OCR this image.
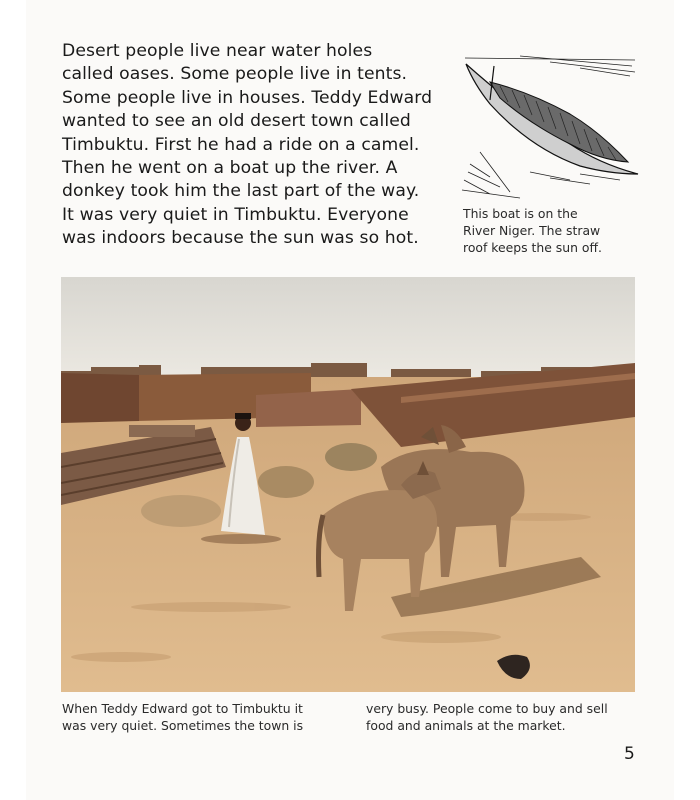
Desert people live near water holes
called oases. Some people live in tents.
Some people live in houses. Teddy Edward
wanted to see an old desert town called
Timbuktu. First he had a ride on a camel.
Then he went on a boat up the river. A
donkey took him the last part of the way.
It was very quiet in Timbuktu. Everyone
was indoors because the sun was so hot.
This boat is on the
River Niger. The straw
roof keeps the sun off.
When Teddy Edward got to Timbuktu it
was very quiet. Sometimes the town is
very busy. People come to buy and sell
food and animals at the market.
5
